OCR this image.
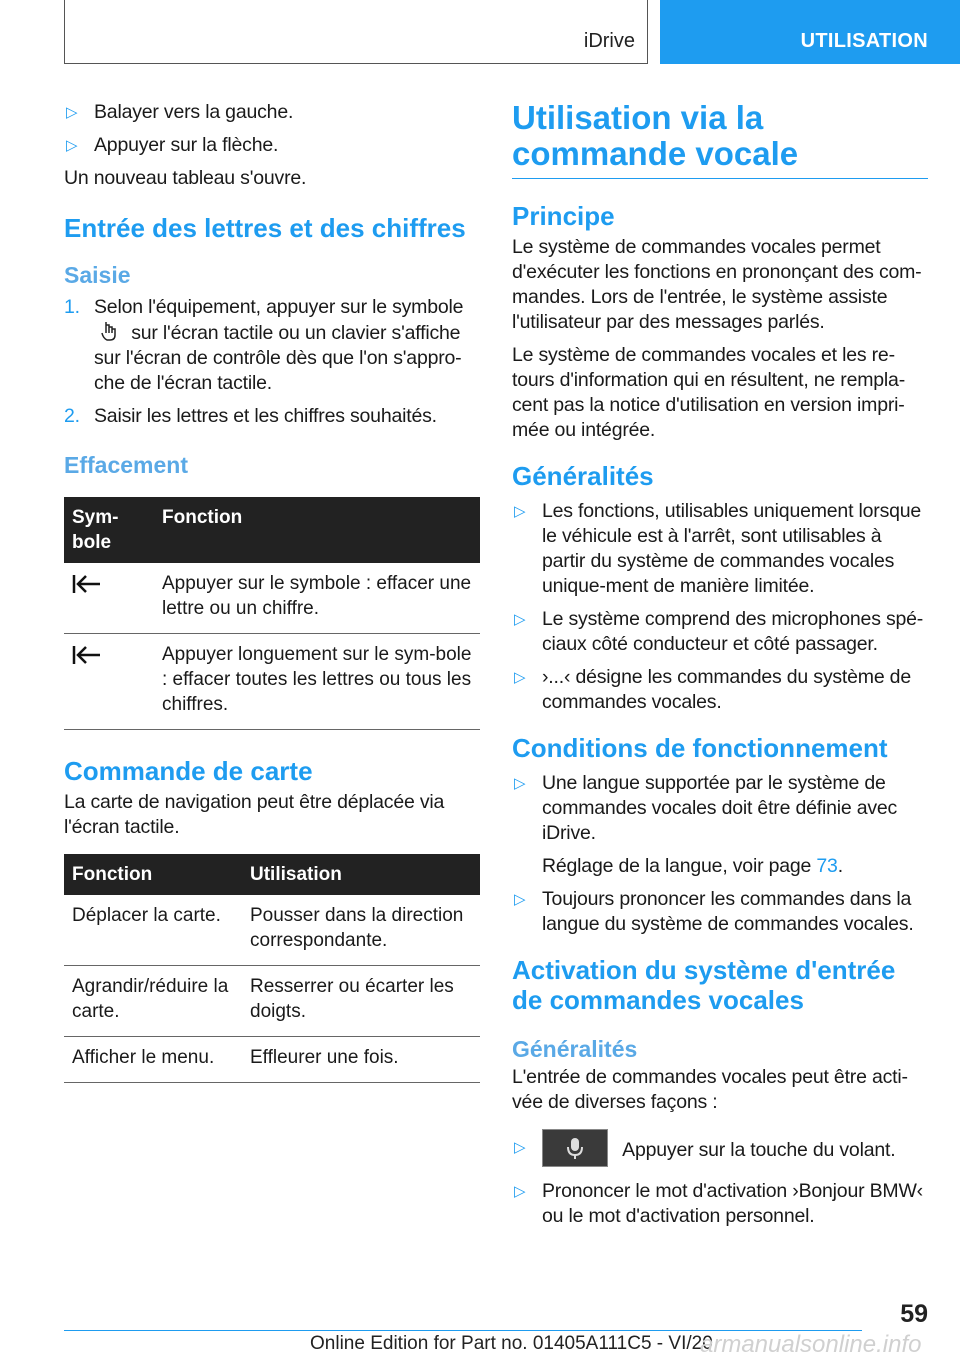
iDrive	UTILISATION
▷ Balayer vers la gauche.
▷ Appuyer sur la flèche.

Un nouveau tableau s'ouvre.

Entrée des lettres et des chiffres
Saisie
1. Selon l'équipement, appuyer sur le symbole
sur l'écran tactile ou un clavier s'affiche sur l'écran de contrôle dès que l'on s'appro-che de l'écran tactile.
2. Saisir les lettres et les chiffres souhaités.
Effacement
Sym-bole	Fonction
	Appuyer sur le symbole : effacer une lettre ou un chiffre.
	Appuyer longuement sur le sym-bole : effacer toutes les lettres ou tous les chiffres.
Commande de carte

La carte de navigation peut être déplacée via l'écran tactile.

Fonction	Utilisation
Déplacer la carte.	Pousser dans la direction correspondante.
Agrandir/réduire la carte.	Resserrer ou écarter les doigts.
Afficher le menu.	Effleurer une fois.
Utilisation via la commande vocale
Principe

Le système de commandes vocales permet d'exécuter les fonctions en prononçant des com-mandes. Lors de l'entrée, le système assiste l'utilisateur par des messages parlés.

Le système de commandes vocales et les re-tours d'information qui en résultent, ne rempla-cent pas la notice d'utilisation en version impri-mée ou intégrée.

Généralités
▷ Les fonctions, utilisables uniquement lorsque le véhicule est à l'arrêt, sont utilisables à partir du système de commandes vocales unique-ment de manière limitée.
▷ Le système comprend des microphones spé-ciaux côté conducteur et côté passager.
▷ ›...‹ désigne les commandes du système de commandes vocales.
Conditions de fonctionnement
▷ Une langue supportée par le système de commandes vocales doit être définie avec iDrive.

Réglage de la langue, voir page 73.

▷ Toujours prononcer les commandes dans la langue du système de commandes vocales.
Activation du système d'entrée de commandes vocales
Généralités

L'entrée de commandes vocales peut être acti-vée de diverses façons :

▷	Appuyer sur la touche du volant.
▷ Prononcer le mot d'activation ›Bonjour BMW‹ ou le mot d'activation personnel.
59
Online Edition for Part no. 01405A111C5 - VI/20
armanualsonline.info
